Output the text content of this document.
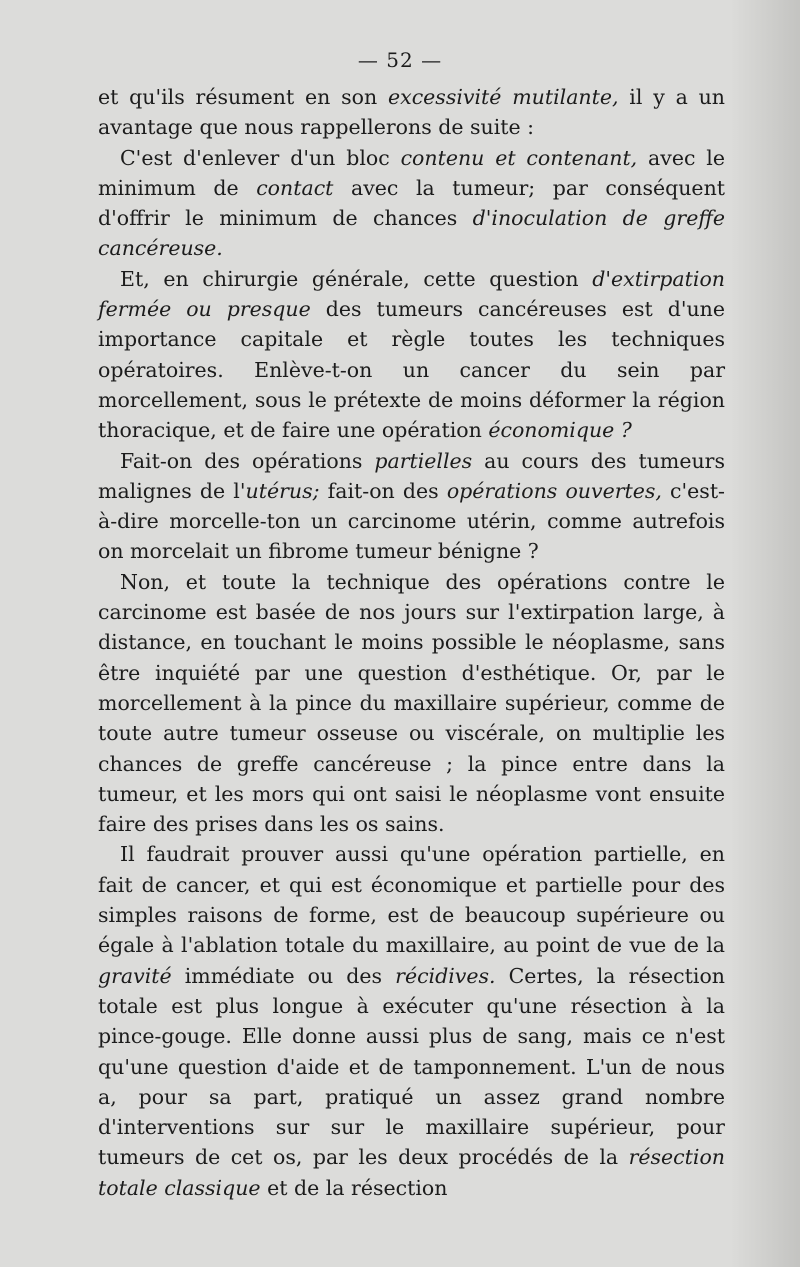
— 52 —

et qu'ils résument en son excessivité mutilante, il y a un avantage que nous rappellerons de suite :

C'est d'enlever d'un bloc contenu et contenant, avec le minimum de contact avec la tumeur; par conséquent d'offrir le minimum de chances d'inoculation de greffe cancéreuse.

Et, en chirurgie générale, cette question d'extirpation fermée ou presque des tumeurs cancéreuses est d'une importance capitale et règle toutes les techniques opératoires. Enlève-t-on un cancer du sein par morcellement, sous le prétexte de moins déformer la région thoracique, et de faire une opération économique ?

Fait-on des opérations partielles au cours des tumeurs malignes de l'utérus; fait-on des opérations ouvertes, c'est-à-dire morcelle-ton un carcinome utérin, comme autrefois on morcelait un fibrome tumeur bénigne ?

Non, et toute la technique des opérations contre le carcinome est basée de nos jours sur l'extirpation large, à distance, en touchant le moins possible le néoplasme, sans être inquiété par une question d'esthétique. Or, par le morcellement à la pince du maxillaire supérieur, comme de toute autre tumeur osseuse ou viscérale, on multiplie les chances de greffe cancéreuse ; la pince entre dans la tumeur, et les mors qui ont saisi le néoplasme vont ensuite faire des prises dans les os sains.

Il faudrait prouver aussi qu'une opération partielle, en fait de cancer, et qui est économique et partielle pour des simples raisons de forme, est de beaucoup supérieure ou égale à l'ablation totale du maxillaire, au point de vue de la gravité immédiate ou des récidives. Certes, la résection totale est plus longue à exécuter qu'une résection à la pince-gouge. Elle donne aussi plus de sang, mais ce n'est qu'une question d'aide et de tamponnement. L'un de nous a, pour sa part, pratiqué un assez grand nombre d'interventions sur sur le maxillaire supérieur, pour tumeurs de cet os, par les deux procédés de la résection totale classique et de la résection
